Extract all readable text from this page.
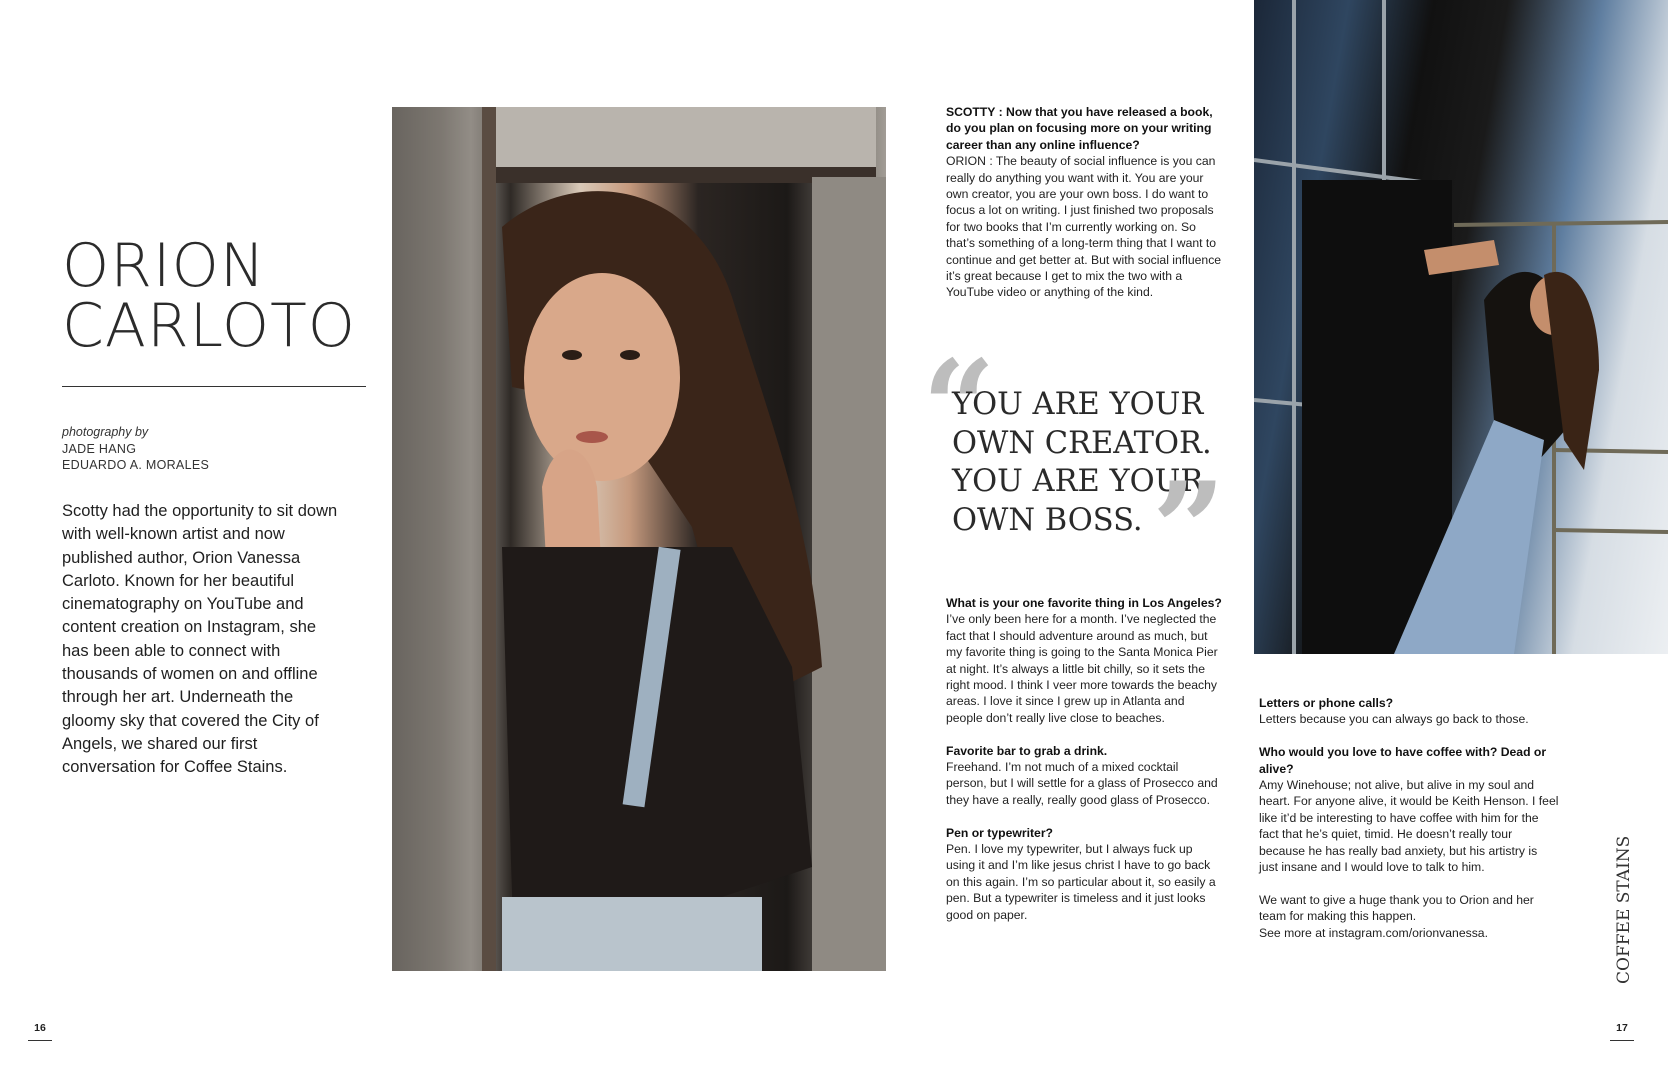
ORION
CARLOTO
photography by
JADE HANG
EDUARDO A. MORALES

Scotty had the opportunity to sit down with well-known artist and now published author, Orion Vanessa Carloto. Known for her beautiful cinematography on YouTube and content creation on Instagram, she has been able to connect with thousands of women on and offline through her art. Underneath the gloomy sky that covered the City of Angels, we shared our first conversation for Coffee Stains.

SCOTTY : Now that you have released a book, do you plan on focusing more on your writing career than any online influence?
ORION : The beauty of social influence is you can really do anything you want with it. You are your own creator, you are your own boss. I do want to focus a lot on writing. I just finished two proposals for two books that I’m currently working on. So that’s something of a long-term thing that I want to continue and get better at. But with social influence it’s great because I get to mix the two with a YouTube video or anything of the kind.

“

YOU ARE YOUR OWN CREATOR. YOU ARE YOUR OWN BOSS. ”

What is your one favorite thing in Los Angeles?
I’ve only been here for a month. I’ve neglected the fact that I should adventure around as much, but my favorite thing is going to the Santa Monica Pier at night. It’s always a little bit chilly, so it sets the right mood. I think I veer more towards the beachy areas. I love it since I grew up in Atlanta and people don’t really live close to beaches.

Favorite bar to grab a drink.
Freehand. I’m not much of a mixed cocktail person, but I will settle for a glass of Prosecco and they have a really, really good glass of Prosecco.

Pen or typewriter?
Pen. I love my typewriter, but I always fuck up using it and I’m like jesus christ I have to go back on this again. I’m so particular about it, so easily a pen. But a typewriter is timeless and it just looks good on paper.

Letters or phone calls?
Letters because you can always go back to those.

Who would you love to have coffee with? Dead or alive?
Amy Winehouse; not alive, but alive in my soul and heart. For anyone alive, it would be Keith Henson. I feel like it’d be interesting to have coffee with him for the fact that he’s quiet, timid. He doesn’t really tour because he has really bad anxiety, but his artistry is just insane and I would love to talk to him.

We want to give a huge thank you to Orion and her team for making this happen.
See more at instagram.com/orionvanessa.	COFFEE STAINS
16	17
